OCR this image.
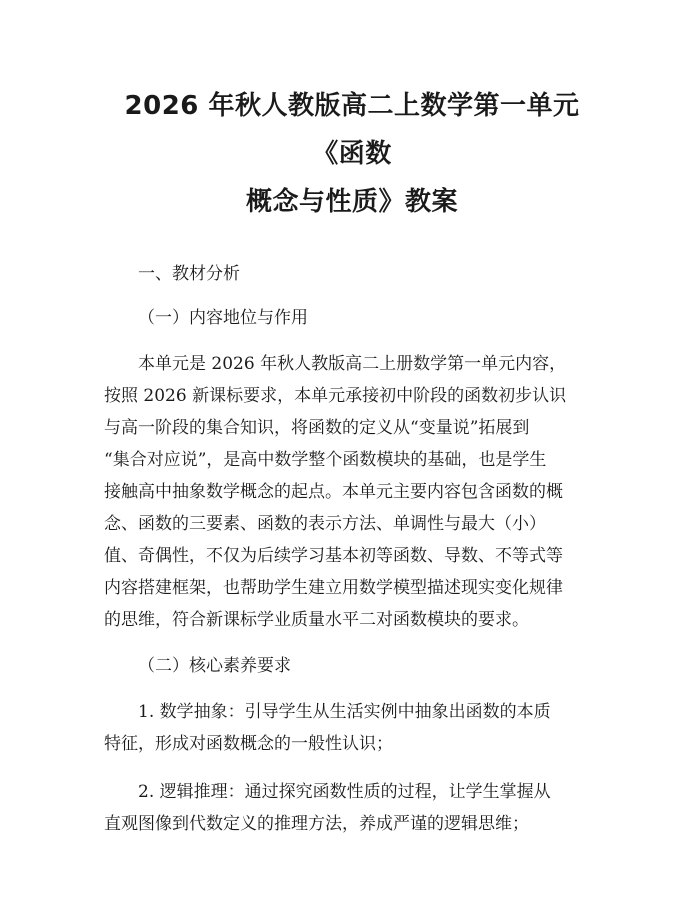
2026 年秋人教版高二上数学第一单元《函数
概念与性质》教案

一、教材分析

（一）内容地位与作用

本单元是 2026 年秋人教版高二上册数学第一单元内容，
按照 2026 新课标要求，本单元承接初中阶段的函数初步认识
与高一阶段的集合知识，将函数的定义从“变量说”拓展到
“集合对应说”，是高中数学整个函数模块的基础，也是学生
接触高中抽象数学概念的起点。本单元主要内容包含函数的概
念、函数的三要素、函数的表示方法、单调性与最大（小）
值、奇偶性，不仅为后续学习基本初等函数、导数、不等式等
内容搭建框架，也帮助学生建立用数学模型描述现实变化规律
的思维，符合新课标学业质量水平二对函数模块的要求。

（二）核心素养要求

1. 数学抽象：引导学生从生活实例中抽象出函数的本质
特征，形成对函数概念的一般性认识；
2. 逻辑推理：通过探究函数性质的过程，让学生掌握从
直观图像到代数定义的推理方法，养成严谨的逻辑思维；
